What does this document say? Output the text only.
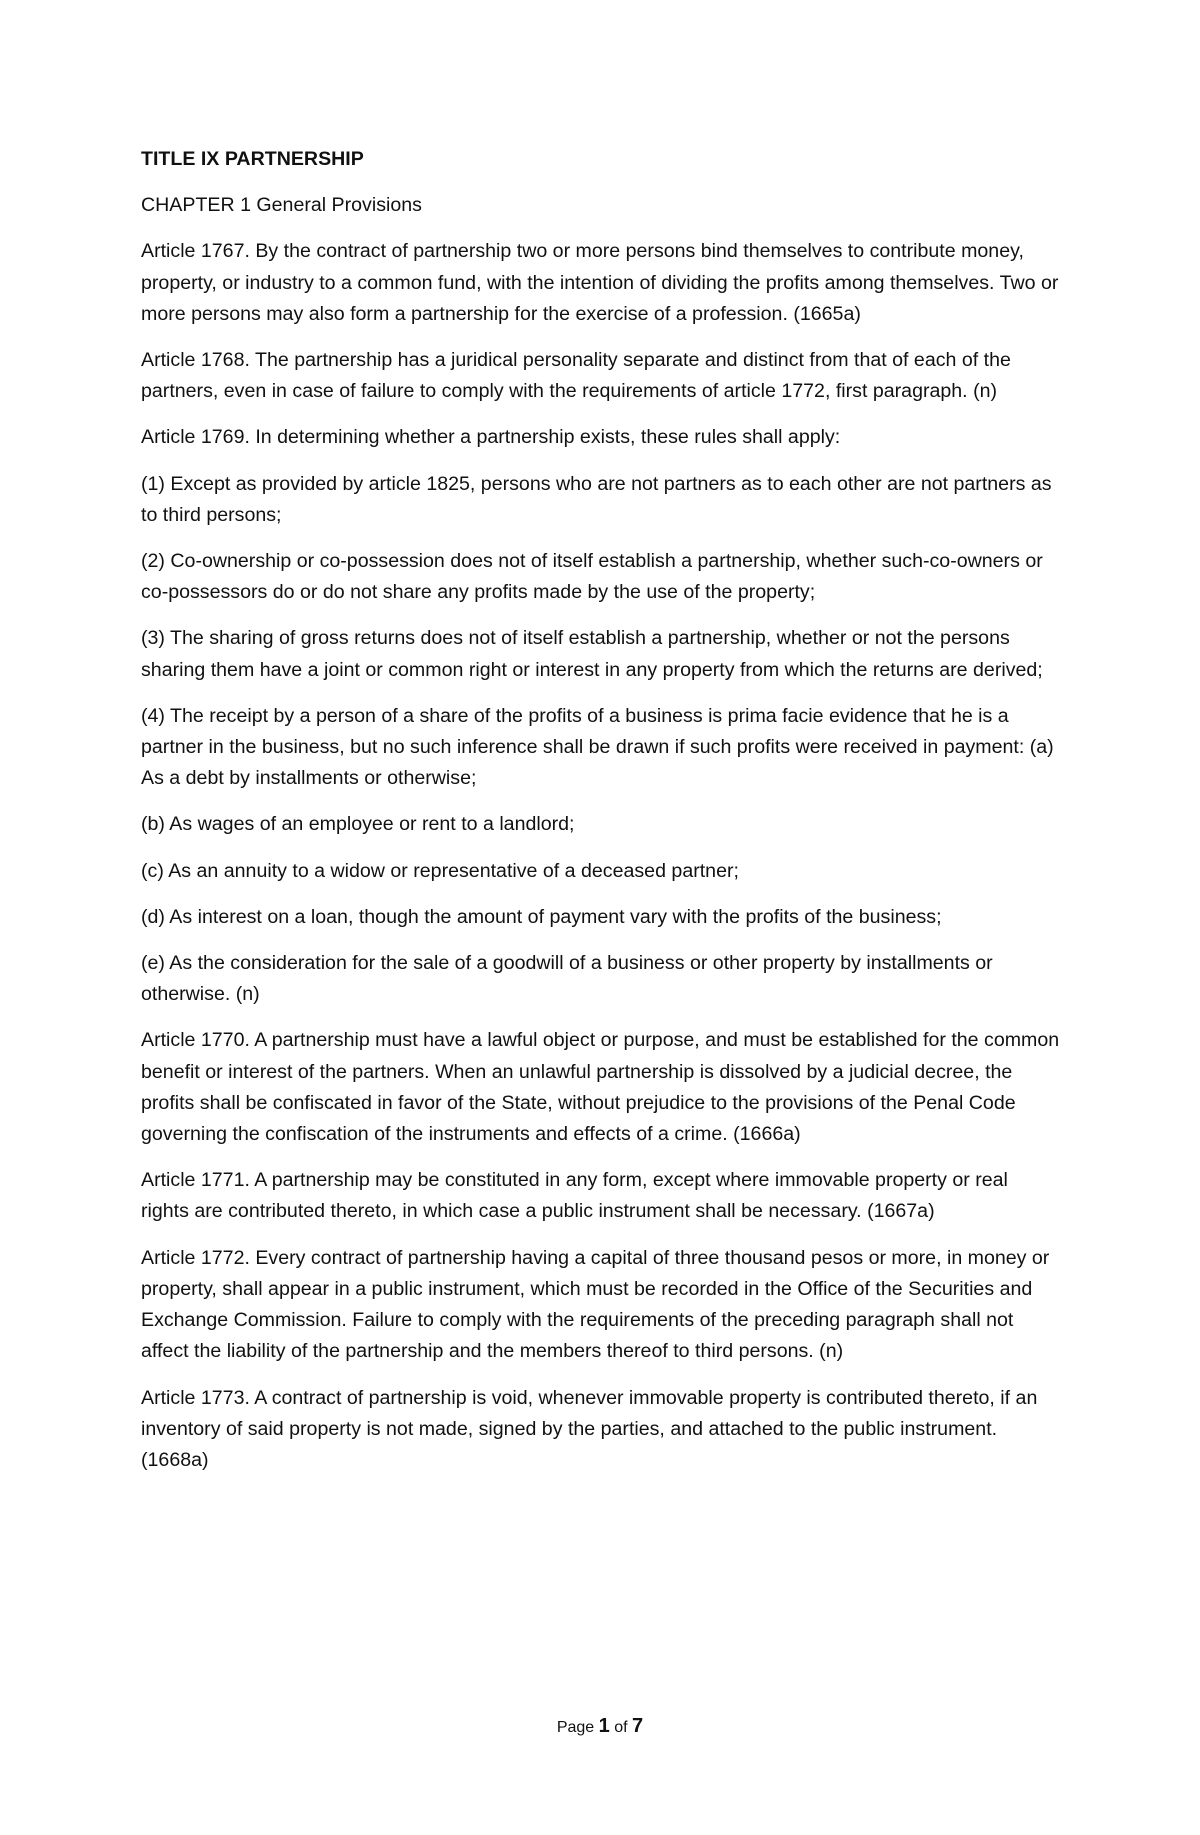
TITLE IX PARTNERSHIP

CHAPTER 1 General Provisions

Article 1767. By the contract of partnership two or more persons bind themselves to contribute money, property, or industry to a common fund, with the intention of dividing the profits among themselves. Two or more persons may also form a partnership for the exercise of a profession. (1665a)

Article 1768. The partnership has a juridical personality separate and distinct from that of each of the partners, even in case of failure to comply with the requirements of article 1772, first paragraph. (n)

Article 1769. In determining whether a partnership exists, these rules shall apply:

(1) Except as provided by article 1825, persons who are not partners as to each other are not partners as to third persons;

(2) Co-ownership or co-possession does not of itself establish a partnership, whether such-co-owners or co-possessors do or do not share any profits made by the use of the property;

(3) The sharing of gross returns does not of itself establish a partnership, whether or not the persons sharing them have a joint or common right or interest in any property from which the returns are derived;

(4) The receipt by a person of a share of the profits of a business is prima facie evidence that he is a partner in the business, but no such inference shall be drawn if such profits were received in payment: (a) As a debt by installments or otherwise;

(b) As wages of an employee or rent to a landlord;

(c) As an annuity to a widow or representative of a deceased partner;

(d) As interest on a loan, though the amount of payment vary with the profits of the business;

(e) As the consideration for the sale of a goodwill of a business or other property by installments or otherwise. (n)

Article 1770. A partnership must have a lawful object or purpose, and must be established for the common benefit or interest of the partners. When an unlawful partnership is dissolved by a judicial decree, the profits shall be confiscated in favor of the State, without prejudice to the provisions of the Penal Code governing the confiscation of the instruments and effects of a crime. (1666a)

Article 1771. A partnership may be constituted in any form, except where immovable property or real rights are contributed thereto, in which case a public instrument shall be necessary. (1667a)

Article 1772. Every contract of partnership having a capital of three thousand pesos or more, in money or property, shall appear in a public instrument, which must be recorded in the Office of the Securities and Exchange Commission. Failure to comply with the requirements of the preceding paragraph shall not affect the liability of the partnership and the members thereof to third persons. (n)

Article 1773. A contract of partnership is void, whenever immovable property is contributed thereto, if an inventory of said property is not made, signed by the parties, and attached to the public instrument. (1668a)

Page 1 of 7
